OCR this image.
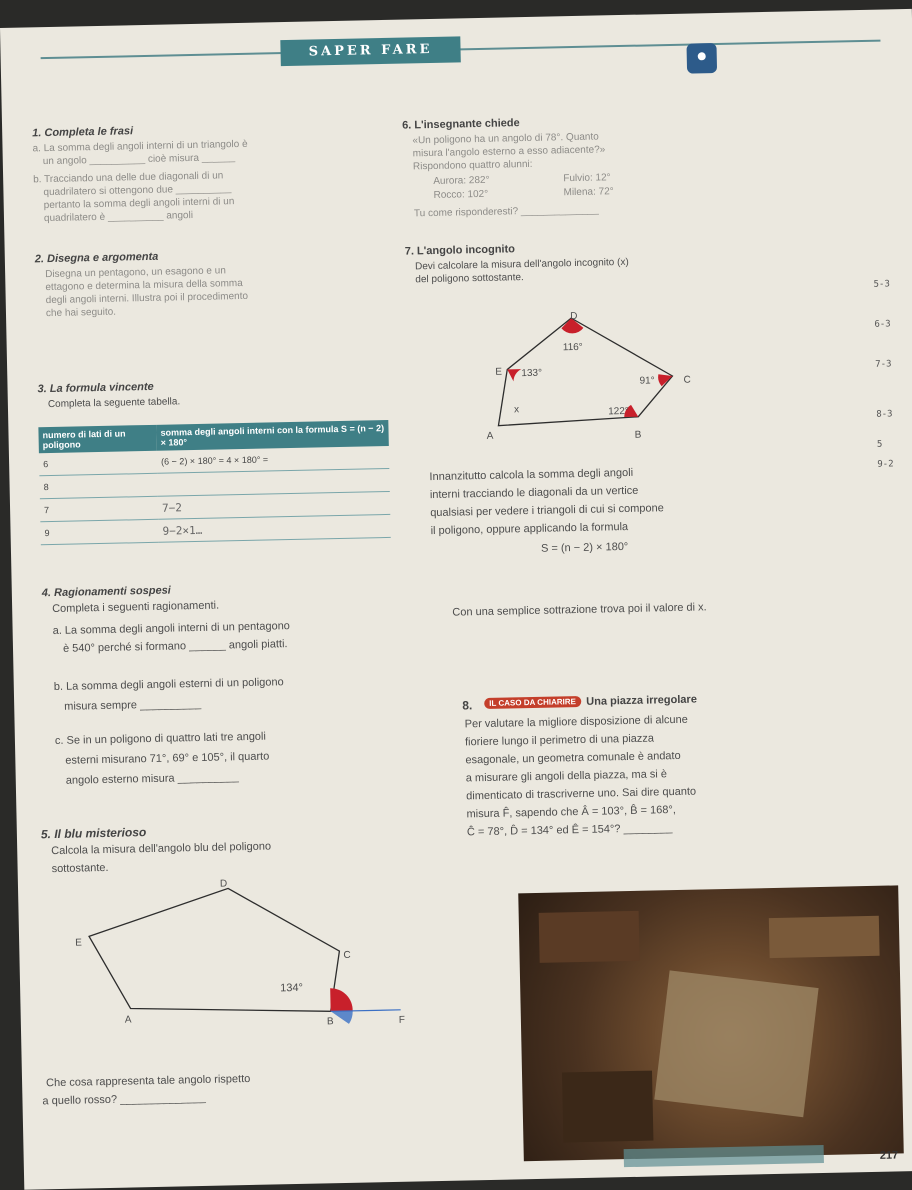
SAPER FARE
1. Completa le frasi
a. La somma degli angoli interni di un triangolo è
un angolo __________ cioè misura ______
b. Tracciando una delle due diagonali di un
quadrilatero si ottengono due __________
pertanto la somma degli angoli interni di un
quadrilatero è __________ angoli
2. Disegna e argomenta
Disegna un pentagono, un esagono e un
ettagono e determina la misura della somma
degli angoli interni. Illustra poi il procedimento
che hai seguito.
3. La formula vincente
Completa la seguente tabella.
numero di lati di un poligono	somma degli angoli interni con la formula S = (n − 2) × 180°
6	(6 − 2) × 180° = 4 × 180° =
8	
7	7−2
9	9−2×1…
4. Ragionamenti sospesi
Completa i seguenti ragionamenti.
a. La somma degli angoli interni di un pentagono
è 540° perché si formano ______ angoli piatti.
b. La somma degli angoli esterni di un poligono
misura sempre __________
c. Se in un poligono di quattro lati tre angoli
esterni misurano 71°, 69° e 105°, il quarto
angolo esterno misura __________
5. Il blu misterioso
Calcola la misura dell'angolo blu del poligono
sottostante.
D
E
C
A	B	F
134°
Che cosa rappresenta tale angolo rispetto
a quello rosso? ______________
6. L'insegnante chiede
«Un poligono ha un angolo di 78°. Quanto
misura l'angolo esterno a esso adiacente?»
Rispondono quattro alunni:
Aurora: 282°	Fulvio: 12°
Rocco: 102°	Milena: 72°
Tu come risponderesti? ______________
7. L'angolo incognito
Devi calcolare la misura dell'angolo incognito (x)
del poligono sottostante.
D
E
C
A	B
116°
133°
91°
122°
x
Innanzitutto calcola la somma degli angoli
interni tracciando le diagonali da un vertice
qualsiasi per vedere i triangoli di cui si compone
il poligono, oppure applicando la formula
S = (n − 2) × 180°
Con una semplice sottrazione trova poi il valore di x.
8.	IL CASO DA CHIARIRE Una piazza irregolare
Per valutare la migliore disposizione di alcune
fioriere lungo il perimetro di una piazza
esagonale, un geometra comunale è andato
a misurare gli angoli della piazza, ma si è
dimenticato di trascriverne uno. Sai dire quanto
misura F̂, sapendo che Â = 103°, B̂ = 168°,
Ĉ = 78°, D̂ = 134° ed Ê = 154°? ________
5-3
6-3
7-3
8-3
5
9-2
217
